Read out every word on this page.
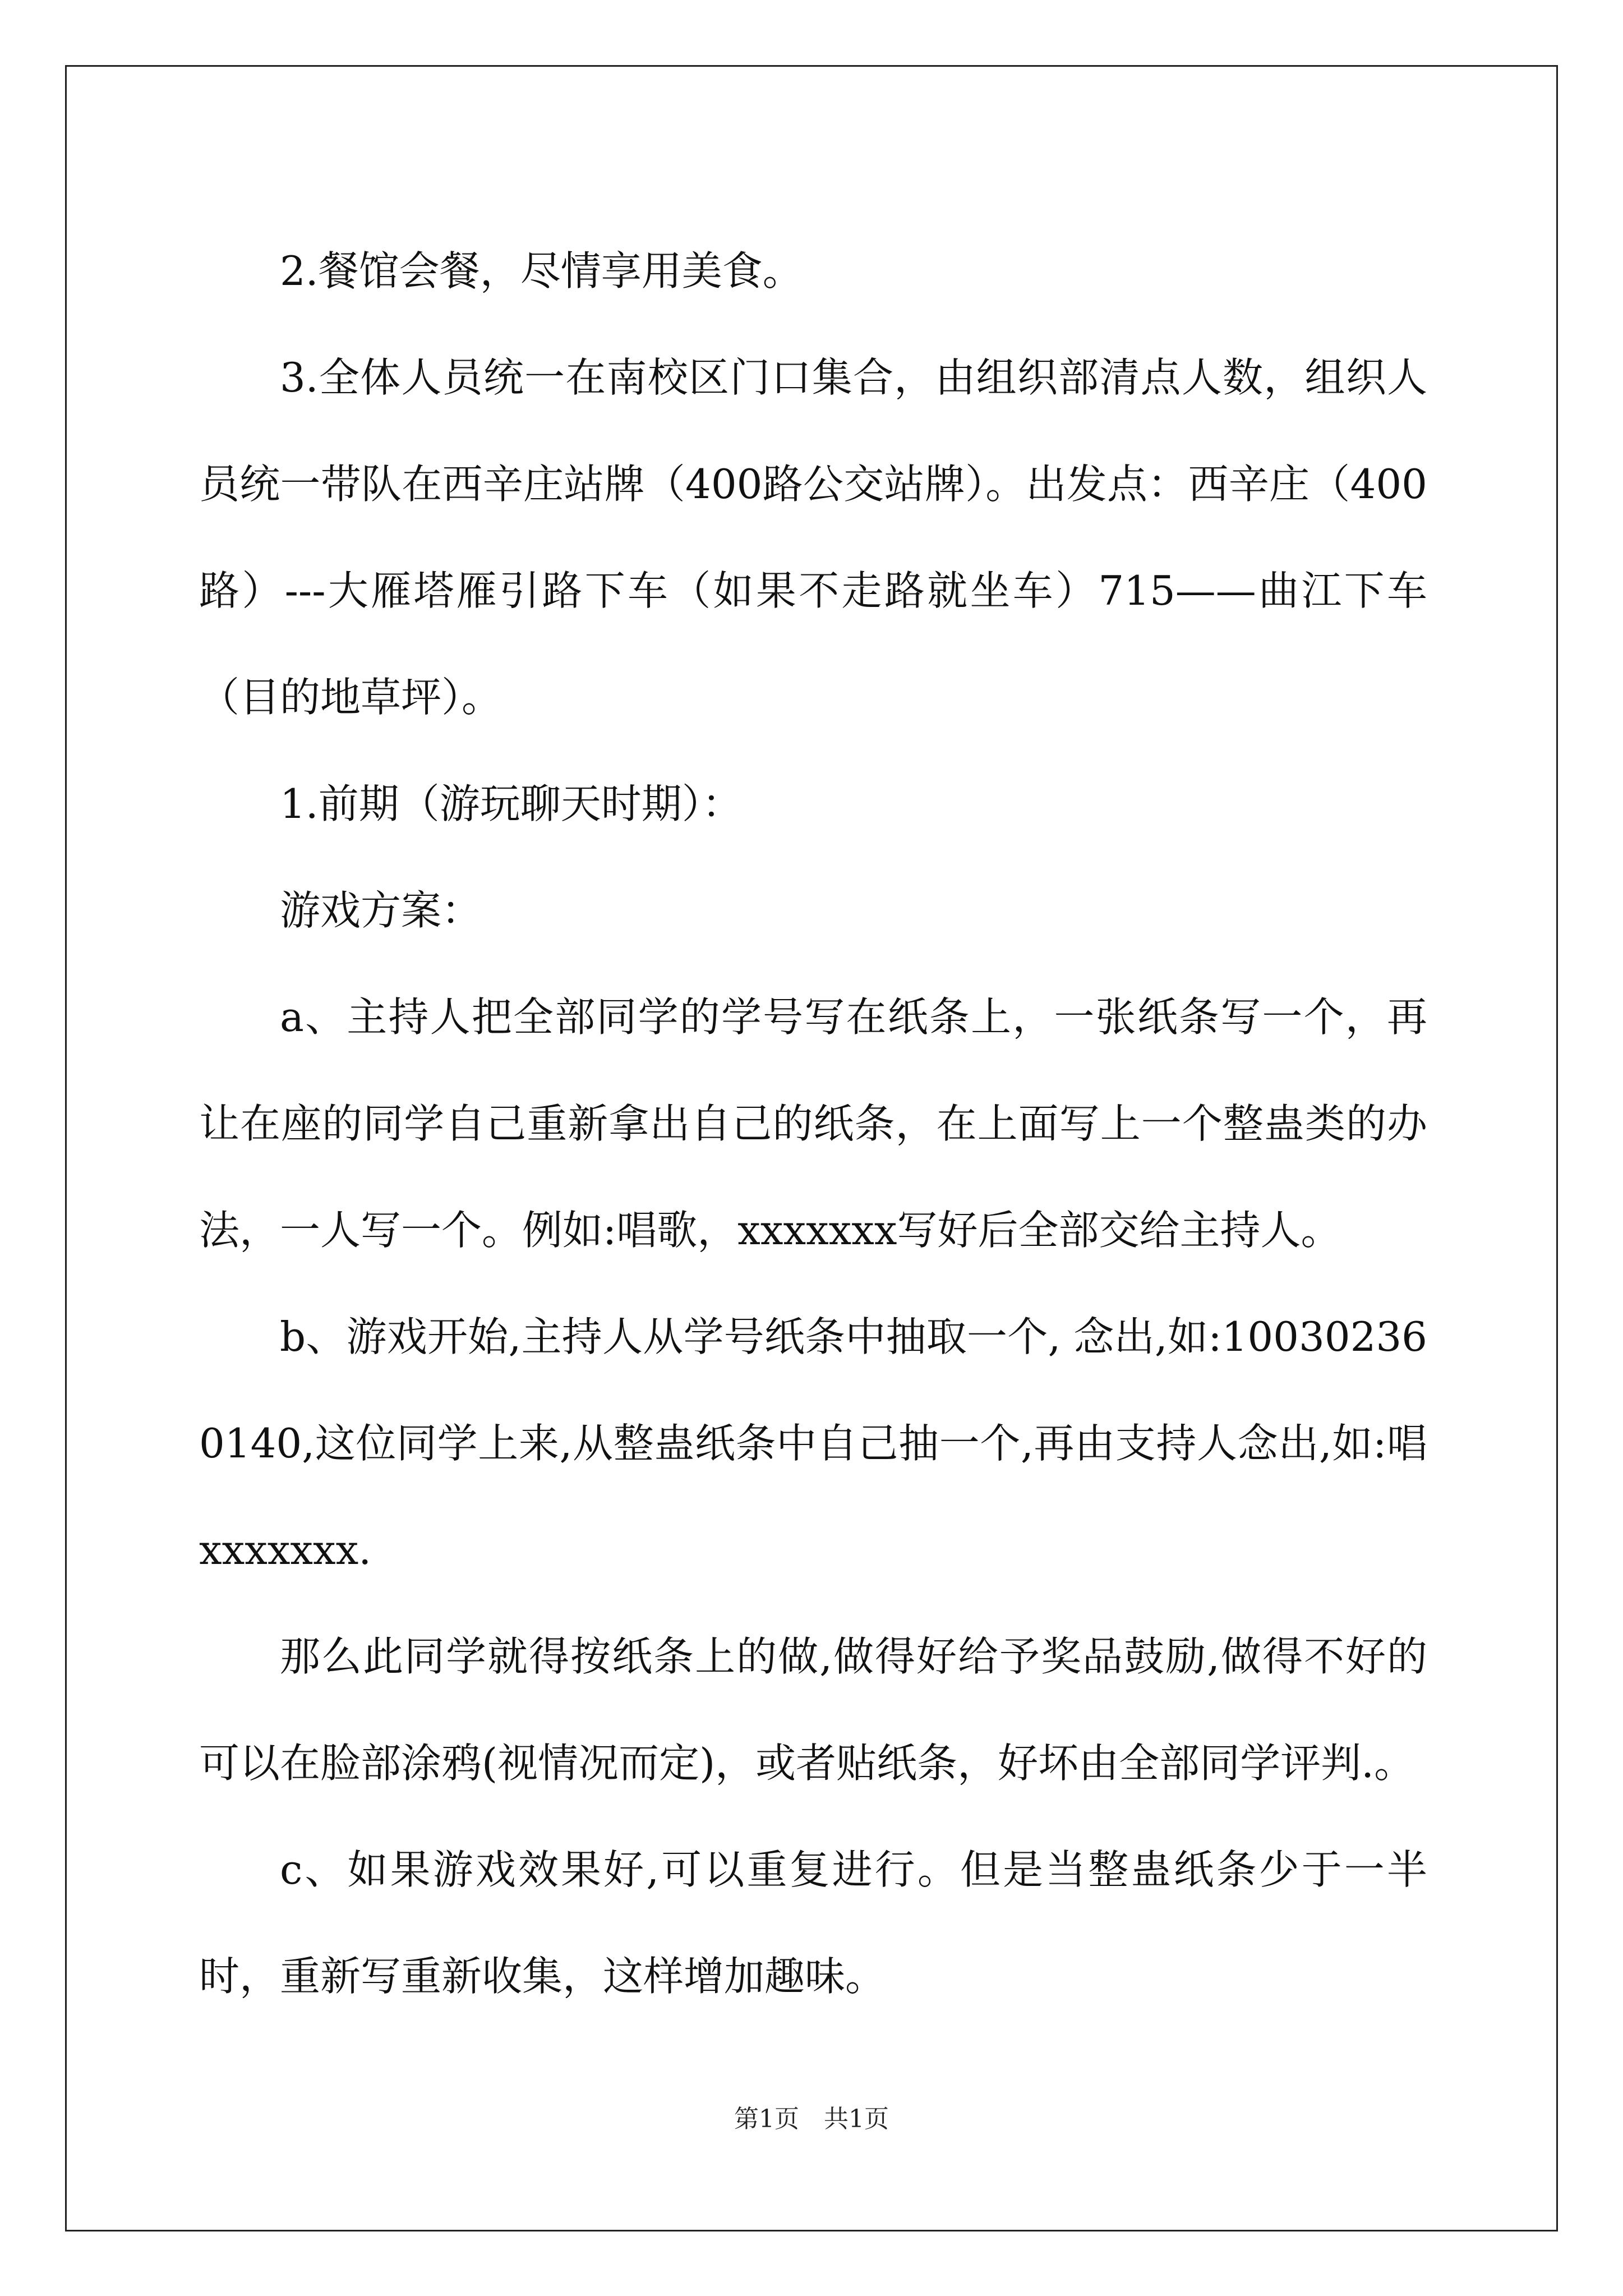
2.餐馆会餐，尽情享用美食。

3.全体人员统一在南校区门口集合，由组织部清点人数，组织人员统一带队在西辛庄站牌（400路公交站牌）。出发点：西辛庄（400路）---大雁塔雁引路下车（如果不走路就坐车）715——曲江下车（目的地草坪）。

1.前期（游玩聊天时期）：

游戏方案：

a、主持人把全部同学的学号写在纸条上，一张纸条写一个，再让在座的同学自己重新拿出自己的纸条，在上面写上一个整蛊类的办法，一人写一个。例如:唱歌，xxxxxxx写好后全部交给主持人。

b、游戏开始,主持人从学号纸条中抽取一个, 念出,如:100302360140,这位同学上来,从整蛊纸条中自己抽一个,再由支持人念出,如:唱xxxxxxx.

那么此同学就得按纸条上的做,做得好给予奖品鼓励,做得不好的可以在脸部涂鸦(视情况而定)，或者贴纸条，好坏由全部同学评判.。

c、如果游戏效果好,可以重复进行。但是当整蛊纸条少于一半时，重新写重新收集，这样增加趣味。

第1页　共1页
